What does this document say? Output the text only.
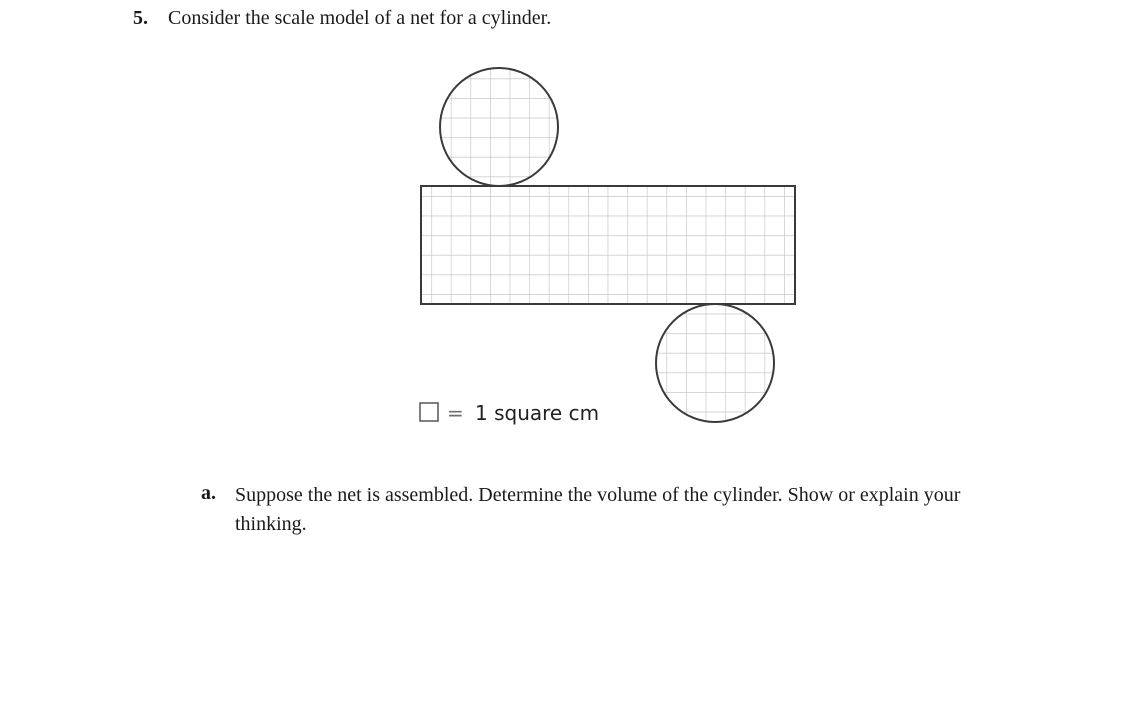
5. Consider the scale model of a net for a cylinder.
= 1 square cm
a. Suppose the net is assembled. Determine the volume of the cylinder. Show or explain your thinking.
